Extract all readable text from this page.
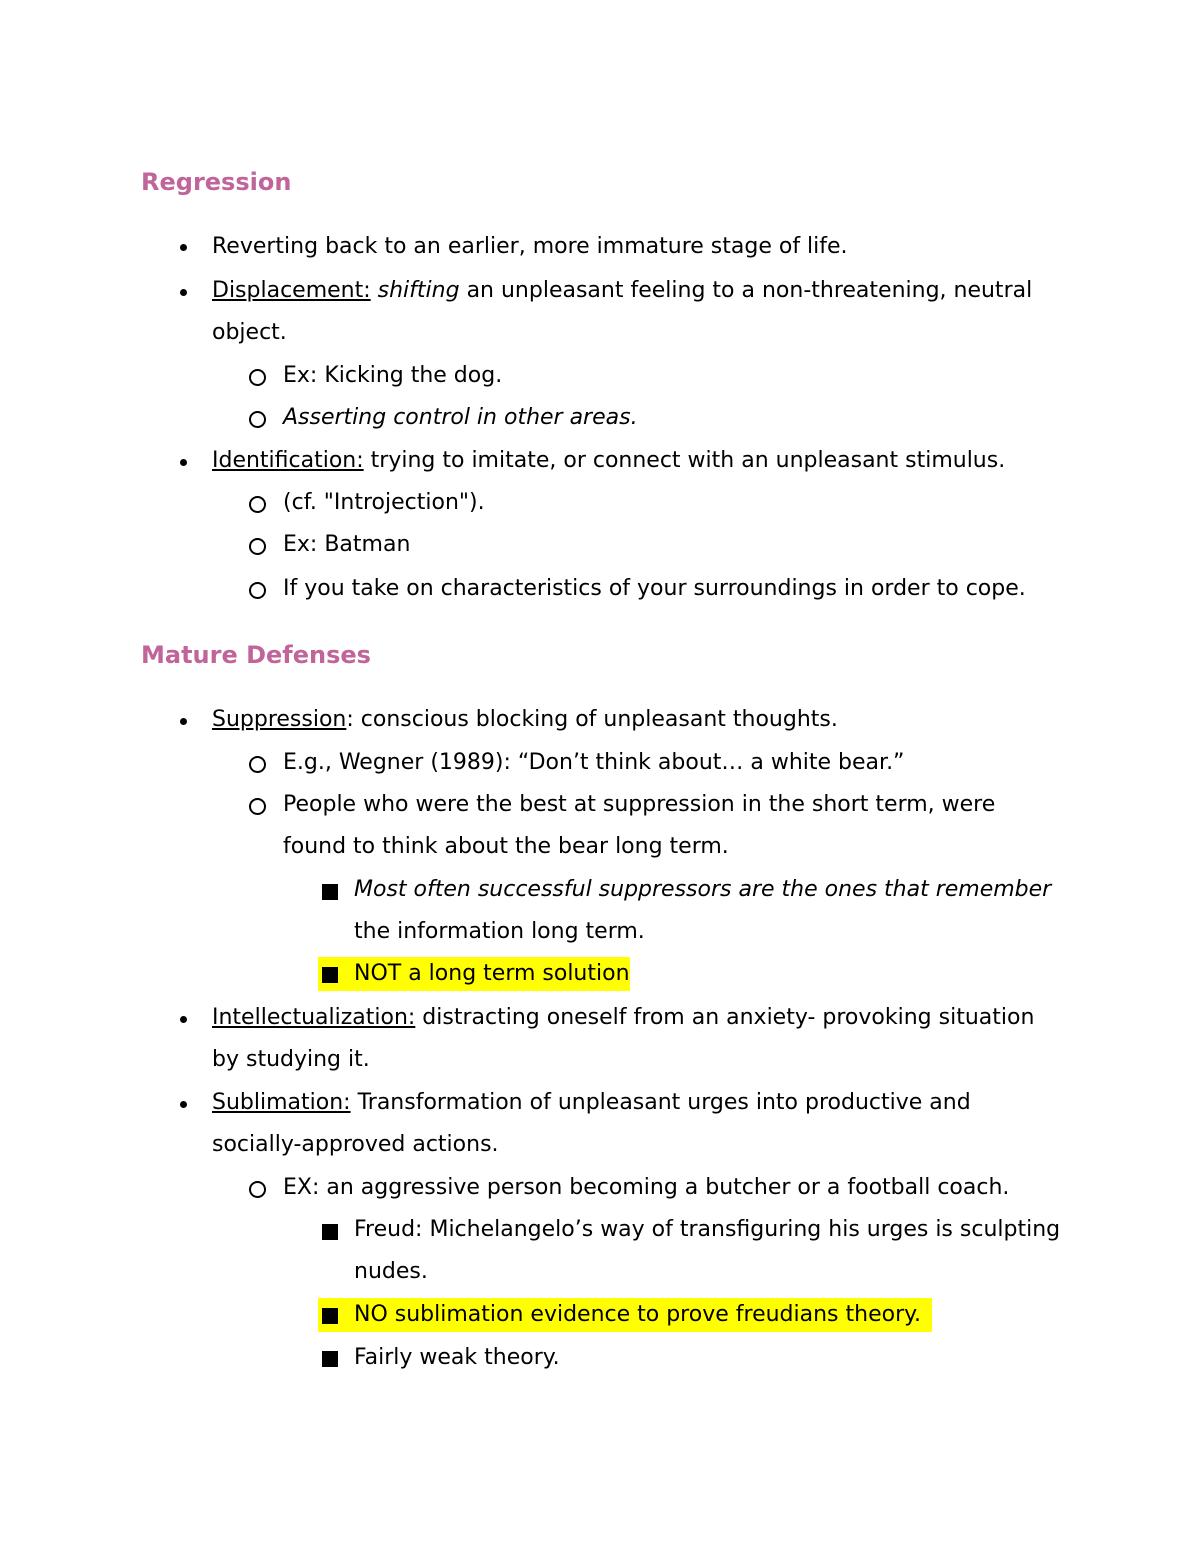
Regression

Reverting back to an earlier, more immature stage of life.

Displacement: shifting an unpleasant feeling to a non-threatening, neutral

object.

Ex: Kicking the dog.

Asserting control in other areas.

Identification: trying to imitate, or connect with an unpleasant stimulus.

(cf. "Introjection").

Ex: Batman

If you take on characteristics of your surroundings in order to cope.

Mature Defenses

Suppression: conscious blocking of unpleasant thoughts.

E.g., Wegner (1989): “Don’t think about… a white bear.”

People who were the best at suppression in the short term, were

found to think about the bear long term.

Most often successful suppressors are the ones that remember

the information long term.

NOT a long term solution

Intellectualization: distracting oneself from an anxiety- provoking situation

by studying it.

Sublimation: Transformation of unpleasant urges into productive and

socially-approved actions.

EX: an aggressive person becoming a butcher or a football coach.

Freud: Michelangelo’s way of transfiguring his urges is sculpting

nudes.

NO sublimation evidence to prove freudians theory.

Fairly weak theory.
